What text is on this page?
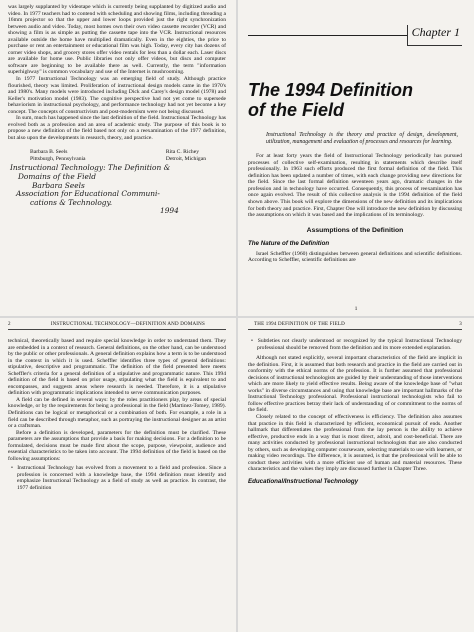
was largely supplanted by videotape which is currently being supplanted by digitized audio and video. In 1977 teachers had to contend with scheduling and showing films, including threading a 16mm projector so that the upper and lower loops provided just the right synchronization between audio and video. Today, most homes own their own video cassette recorder (VCR) and showing a film is as simple as putting the cassette tape into the VCR. Instructional resources available outside the home have multiplied dramatically. Even in the eighties, the price to purchase or rent an entertainment or educational film was high. Today, every city has dozens of corner video shops, and grocery stores offer video rentals for less than a dollar each. Laser discs are available for home use. Public libraries not only offer videos, but discs and computer software are beginning to be available there as well. Currently, the term "information superhighway" is common vocabulary and use of the Internet is mushrooming.

In 1977 Instructional Technology was an emerging field of study. Although practice flourished, theory was limited. Proliferation of instructional design models came in the 1970's and 1980's. Many models were introduced including Dick and Carey's design model (1978) and Keller's motivation model (1983). The cognitive perspective had not yet come to supersede behaviorism in instructional psychology, and performance technology had not yet become a key concept. The concepts of constructivism and post-modernism were not being discussed.

In sum, much has happened since the last definition of the field. Instructional Technology has evolved both as a profession and an area of academic study. The purpose of this book is to propose a new definition of the field based not only on a reexamination of the 1977 definition, but also upon the developments in research, theory, and practice.

Barbara B. Seels
Pittsburgh, Pennsylvania
Rita C. Richey
Detroit, Michigan
Instructional Technology: The Definition &
Domains of the Field
Barbara Seels
Association for Educational Communi-
cations & Technology.
1994
Chapter 1
The 1994 Definition
of the Field
Instructional Technology is the theory and practice of design, development, utilization, management and evaluation of processes and resources for learning.

For at least forty years the field of Instructional Technology periodically has pursued processes of collective self-examination, resulting in statements which describe itself professionally. In 1963 such efforts produced the first formal definition of the field. This definition has been updated a number of times, with each change providing new directions for the field. Since the last formal definition seventeen years ago, dramatic changes in the profession and in technology have occurred. Consequently, this process of reexamination has once again evolved. The result of this collective analysis is the 1994 definition of the field shown above. This book will explore the dimensions of the new definition and its implications for both theory and practice. First, Chapter One will introduce the new definition by discussing the assumptions on which it was based and the implications of its terminology.

Assumptions of the Definition
The Nature of the Definition

Israel Scheffler (1960) distinguishes between general definitions and scientific definitions. According to Scheffler, scientific definitions are

1
2	INSTRUCTIONAL TECHNOLOGY—DEFINITION AND DOMAINS

technical, theoretically based and require special knowledge in order to understand them. They are embedded in a context of research. General definitions, on the other hand, can be understood by the public or other professionals. A general definition explains how a term is to be understood in the context in which it is used. Scheffler identifies three types of general definitions: stipulative, descriptive and programmatic. The definition of the field presented here meets Scheffler's criteria for a general definition of a stipulative and programmatic nature. This 1994 definition of the field is based on prior usage, stipulating what the field is equivalent to and encompasses, and suggests areas where research is needed. Therefore, it is a stipulative definition with programmatic implications intended to serve communication purposes.

A field can be defined in several ways: by the roles practitioners play, by areas of special knowledge, or by the requirements for being a professional in the field (Martinez-Tomey, 1989). Definitions can be logical or metaphorical or a combination of both. For example, a role in a field can be described through metaphor, such as portraying the instructional designer as an artist or a craftsman.

Before a definition is developed, parameters for the definition must be clarified. These parameters are the assumptions that provide a basis for making decisions. For a definition to be formulated, decisions must be made first about the scope, purpose, viewpoint, audience and essential characteristics to be taken into account. The 1994 definition of the field is based on the following assumptions:

•  Instructional Technology has evolved from a movement to a field and profession. Since a profession is concerned with a knowledge base, the 1994 definition must identify and emphasize Instructional Technology as a field of study as well as practice. In contrast, the 1977 definition

THE 1994 DEFINITION OF THE FIELD	3

•  Subtleties not clearly understood or recognized by the typical Instructional Technology professional should be removed from the definition and its more extended explanation.

Although not stated explicitly, several important characteristics of the field are implicit in the definition. First, it is assumed that both research and practice in the field are carried out in conformity with the ethical norms of the profession. It is further assumed that professional decisions of instructional technologists are guided by their understanding of those interventions which are more likely to yield effective results. Being aware of the knowledge base of "what works" in diverse circumstances and using that knowledge base are important hallmarks of the Instructional Technology professional. Professional instructional technologists who fail to follow effective practices betray their lack of understanding of or commitment to the norms of the field.

Closely related to the concept of effectiveness is efficiency. The definition also assumes that practice in this field is characterized by efficient, economical pursuit of ends. Another hallmark that differentiates the professional from the lay person is the ability to achieve effective, productive ends in a way that is most direct, adroit, and cost-beneficial. There are many activities conducted by professional instructional technologists that are also conducted by others, such as developing computer courseware, selecting materials to use with learners, or making video recordings. The difference, it is assumed, is that the professional will be able to conduct these activities with a more efficient use of human and material resources. These characteristics and the values they imply are discussed further in Chapter Three.

Educational/Instructional Technology
